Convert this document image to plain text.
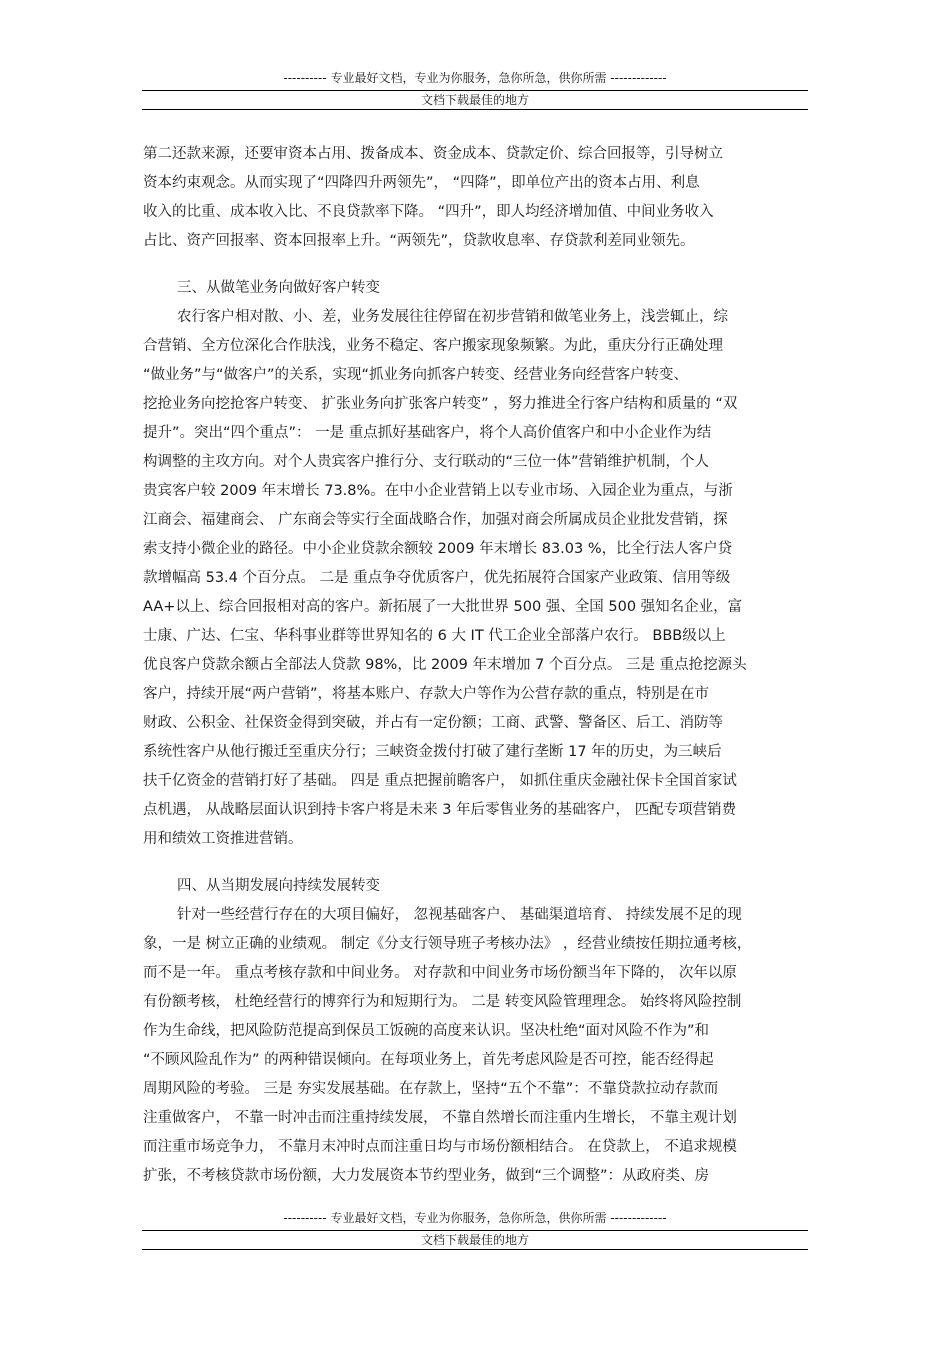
---------- 专业最好文档，专业为你服务，急你所急，供你所需 -------------
文档下载最佳的地方
第二还款来源，还要审资本占用、拨备成本、资金成本、贷款定价、综合回报等，引导树立
资本约束观念。从而实现了“四降四升两领先”， “四降”，即单位产出的资本占用、利息
收入的比重、成本收入比、不良贷款率下降。 “四升”，即人均经济增加值、中间业务收入
占比、资产回报率、资本回报率上升。“两领先”，贷款收息率、存贷款利差同业领先。
三、从做笔业务向做好客户转变
农行客户相对散、小、差，业务发展往往停留在初步营销和做笔业务上，浅尝辄止，综
合营销、全方位深化合作肤浅，业务不稳定、客户搬家现象频繁。为此，重庆分行正确处理
“做业务”与“做客户”的关系，实现“抓业务向抓客户转变、经营业务向经营客户转变、
挖抢业务向挖抢客户转变、 扩张业务向扩张客户转变” ，努力推进全行客户结构和质量的 “双
提升”。突出“四个重点”： 一是 重点抓好基础客户，将个人高价值客户和中小企业作为结
构调整的主攻方向。对个人贵宾客户推行分、支行联动的“三位一体”营销维护机制，个人
贵宾客户较 2009 年末增长 73.8%。在中小企业营销上以专业市场、入园企业为重点，与浙
江商会、福建商会、 广东商会等实行全面战略合作，加强对商会所属成员企业批发营销，探
索支持小微企业的路径。中小企业贷款余额较 2009 年末增长 83.03 %，比全行法人客户贷
款增幅高 53.4 个百分点。 二是 重点争夺优质客户，优先拓展符合国家产业政策、信用等级
AA+以上、综合回报相对高的客户。新拓展了一大批世界 500 强、全国 500 强知名企业，富
士康、广达、仁宝、华科事业群等世界知名的 6 大 IT 代工企业全部落户农行。 BBB级以上
优良客户贷款余额占全部法人贷款 98%，比 2009 年末增加 7 个百分点。 三是 重点抢挖源头
客户，持续开展“两户营销”，将基本账户、存款大户等作为公营存款的重点，特别是在市
财政、公积金、社保资金得到突破，并占有一定份额；工商、武警、警备区、后工、消防等
系统性客户从他行搬迁至重庆分行；三峡资金拨付打破了建行垄断 17 年的历史，为三峡后
扶千亿资金的营销打好了基础。 四是 重点把握前瞻客户， 如抓住重庆金融社保卡全国首家试
点机遇， 从战略层面认识到持卡客户将是未来 3 年后零售业务的基础客户， 匹配专项营销费
用和绩效工资推进营销。
四、从当期发展向持续发展转变
针对一些经营行存在的大项目偏好， 忽视基础客户、 基础渠道培育、 持续发展不足的现
象，一是 树立正确的业绩观。 制定《分支行领导班子考核办法》 ，经营业绩按任期拉通考核，
而不是一年。 重点考核存款和中间业务。 对存款和中间业务市场份额当年下降的， 次年以原
有份额考核， 杜绝经营行的博弈行为和短期行为。 二是 转变风险管理理念。 始终将风险控制
作为生命线，把风险防范提高到保员工饭碗的高度来认识。坚决杜绝“面对风险不作为”和
“不顾风险乱作为” 的两种错误倾向。在每项业务上，首先考虑风险是否可控，能否经得起
周期风险的考验。 三是 夯实发展基础。在存款上，坚持“五个不靠”：不靠贷款拉动存款而
注重做客户， 不靠一时冲击而注重持续发展， 不靠自然增长而注重内生增长， 不靠主观计划
而注重市场竞争力， 不靠月末冲时点而注重日均与市场份额相结合。 在贷款上， 不追求规模
扩张，不考核贷款市场份额，大力发展资本节约型业务，做到“三个调整”：从政府类、房
---------- 专业最好文档，专业为你服务，急你所急，供你所需 -------------
文档下载最佳的地方
